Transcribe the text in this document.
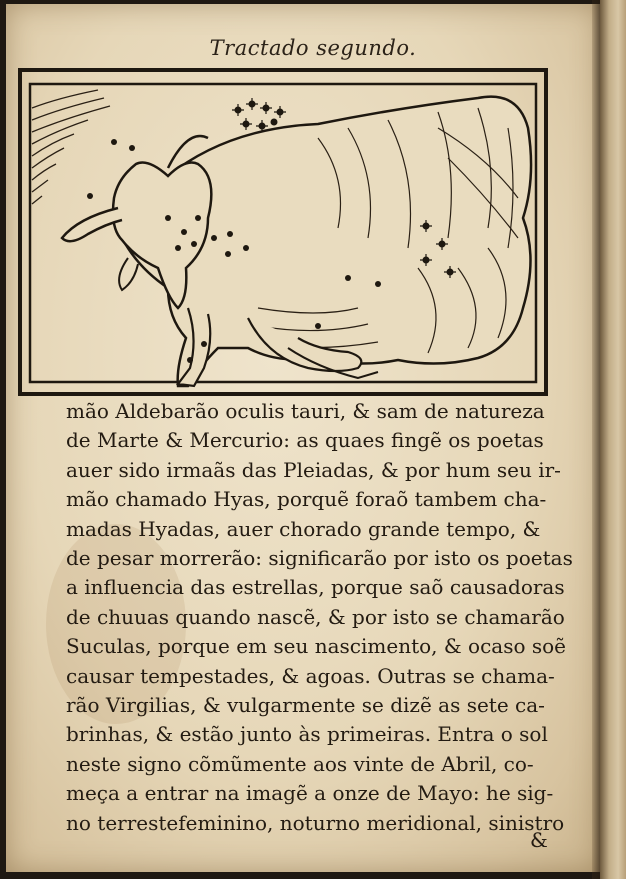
Tractado segundo.
mão Aldebarão oculis tauri, & sam de natureza
de Marte & Mercurio: as quaes fingẽ os poetas
auer sido irmaãs das Pleiadas, & por hum seu ir-
mão chamado Hyas, porquẽ foraõ tambem cha-
madas Hyadas, auer chorado grande tempo, &
de pesar morrerão: significarão por isto os poetas
a influencia das estrellas, porque saõ causadoras
de chuuas quando nascẽ, & por isto se chamarão
Suculas, porque em seu nascimento, & ocaso soẽ
causar tempestades, & agoas. Outras se chama-
rão Virgilias, & vulgarmente se dizẽ as sete ca-
brinhas, & estão junto às primeiras. Entra o sol
neste signo cõmũmente aos vinte de Abril, co-
meça a entrar na imagẽ a onze de Mayo: he sig-
no terrestefeminino, noturno meridional, sinistro
&
